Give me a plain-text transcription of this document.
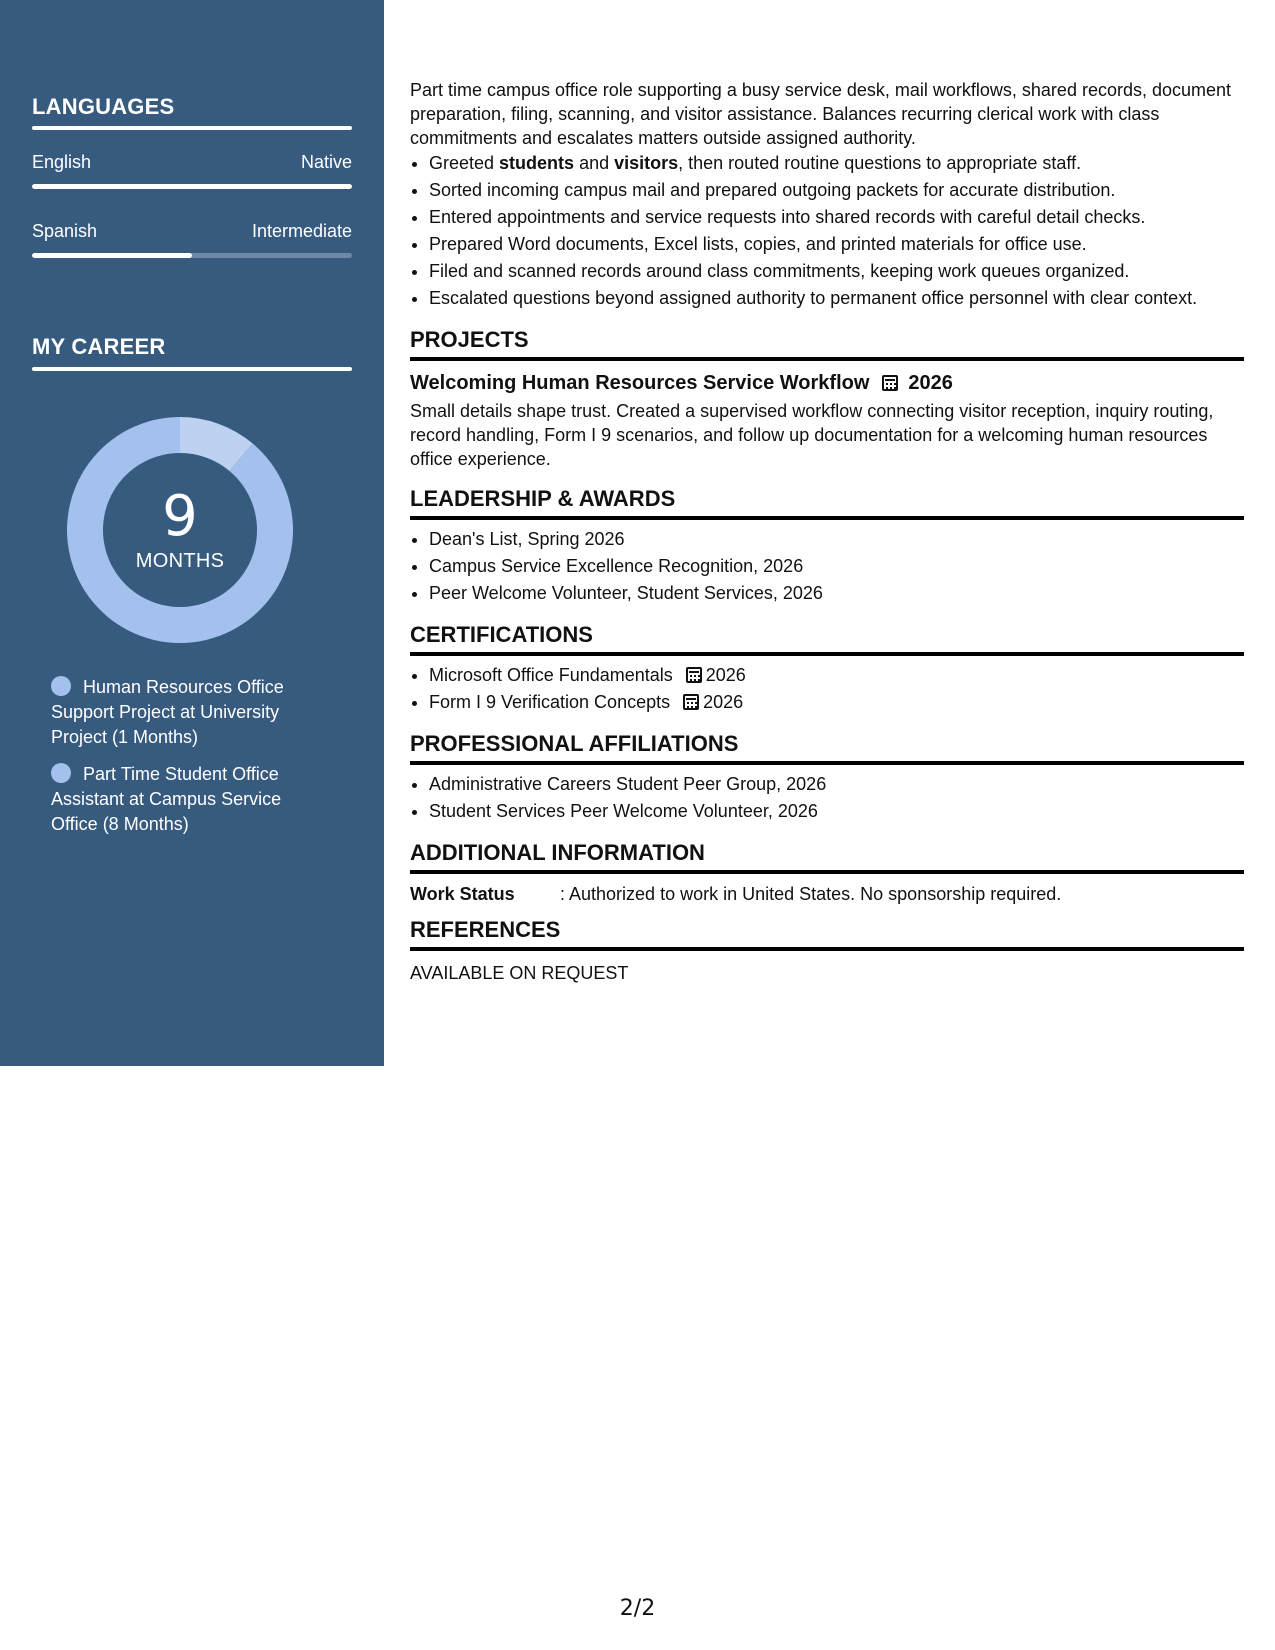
LANGUAGES
English	Native
Spanish	Intermediate
MY CAREER
9
MONTHS
Human Resources Office Support Project at University Project (1 Months)
Part Time Student Office Assistant at Campus Service Office (8 Months)

Part time campus office role supporting a busy service desk, mail workflows, shared records, document preparation, filing, scanning, and visitor assistance. Balances recurring clerical work with class commitments and escalates matters outside assigned authority.

• Greeted students and visitors, then routed routine questions to appropriate staff.
• Sorted incoming campus mail and prepared outgoing packets for accurate distribution.
• Entered appointments and service requests into shared records with careful detail checks.
• Prepared Word documents, Excel lists, copies, and printed materials for office use.
• Filed and scanned records around class commitments, keeping work queues organized.
• Escalated questions beyond assigned authority to permanent office personnel with clear context.
PROJECTS
Welcoming Human Resources Service Workflow 2026
Small details shape trust. Created a supervised workflow connecting visitor reception, inquiry routing, record handling, Form I 9 scenarios, and follow up documentation for a welcoming human resources office experience.
LEADERSHIP & AWARDS
• Dean's List, Spring 2026
• Campus Service Excellence Recognition, 2026
• Peer Welcome Volunteer, Student Services, 2026
CERTIFICATIONS
• Microsoft Office Fundamentals 2026
• Form I 9 Verification Concepts 2026
PROFESSIONAL AFFILIATIONS
• Administrative Careers Student Peer Group, 2026
• Student Services Peer Welcome Volunteer, 2026
ADDITIONAL INFORMATION
Work Status	: Authorized to work in United States. No sponsorship required.
REFERENCES
AVAILABLE ON REQUEST
2/2
